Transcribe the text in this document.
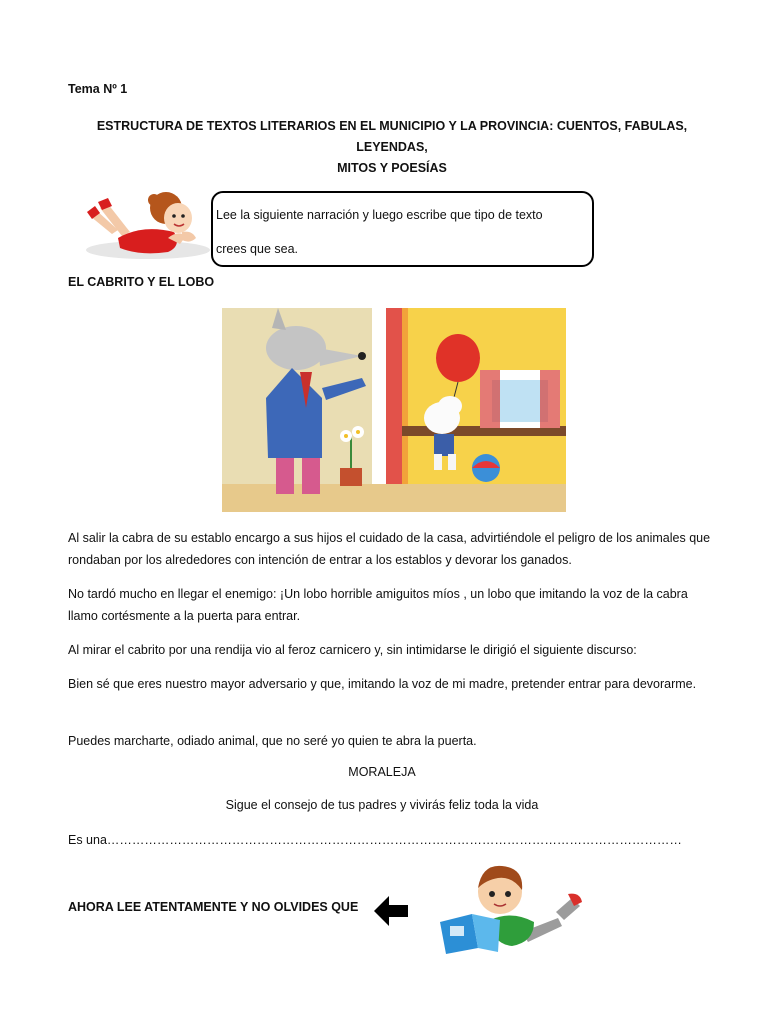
Tema Nº 1
ESTRUCTURA DE TEXTOS LITERARIOS EN EL MUNICIPIO Y LA PROVINCIA: CUENTOS, FABULAS, LEYENDAS,
MITOS Y POESÍAS
Lee la siguiente narración y luego escribe que tipo de texto
crees que sea.
EL CABRITO Y EL LOBO
Al salir la cabra de su establo encargo a sus hijos el cuidado de la casa, advirtiéndole el peligro de los animales que rondaban por los alrededores con intención de entrar a los establos y devorar los ganados.
No tardó mucho en llegar el enemigo: ¡Un lobo horrible amiguitos míos , un lobo que imitando la voz de la cabra llamo cortésmente a la puerta para entrar.
Al mirar el cabrito por una rendija vio al feroz carnicero y, sin intimidarse le dirigió el siguiente discurso:
Bien sé que eres nuestro mayor adversario y que, imitando la voz de mi madre, pretender entrar para devorarme.
Puedes marcharte, odiado animal, que no seré yo quien te abra la puerta.
MORALEJA
Sigue el consejo de tus padres y vivirás feliz toda la vida
Es una…………………………………………………………………………………………………………………………
AHORA LEE ATENTAMENTE Y NO OLVIDES QUE
